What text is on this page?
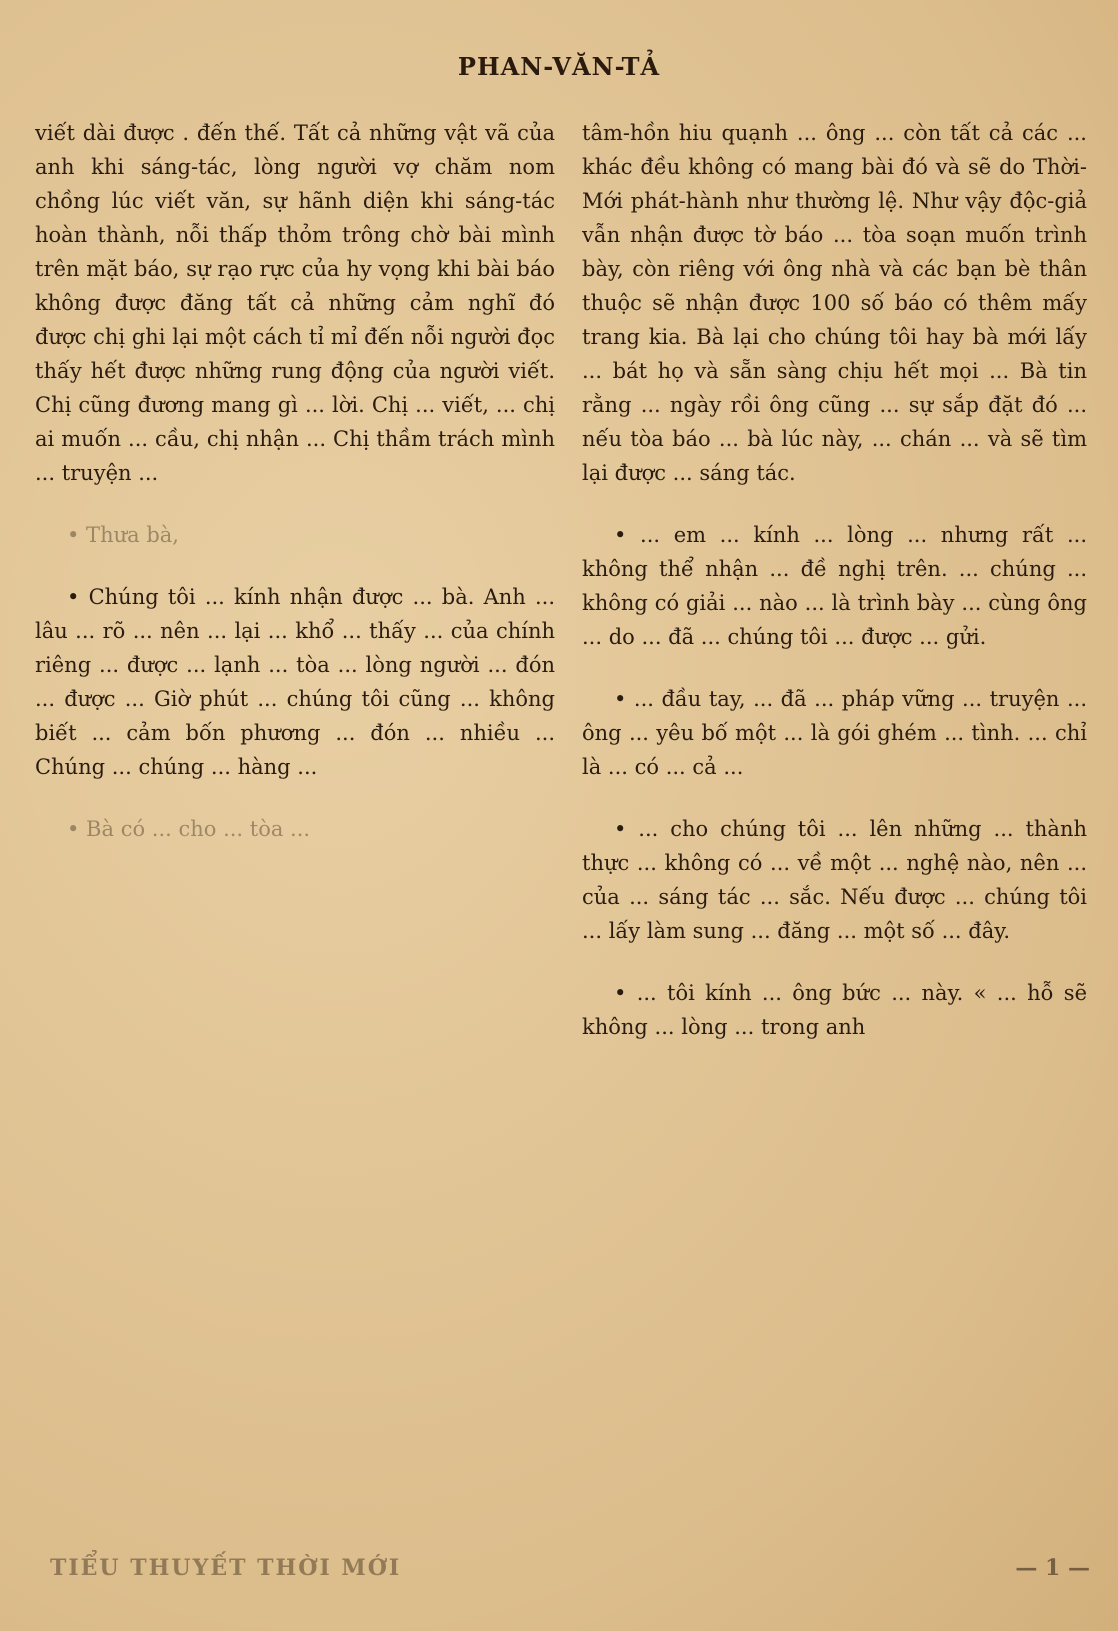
PHAN-VĂN-TẢ

viết dài được . đến thế. Tất cả những vật vã của anh khi sáng-tác, lòng người vợ chăm nom chồng lúc viết văn, sự hãnh diện khi sáng-tác hoàn thành, nỗi thấp thỏm trông chờ bài mình trên mặt báo, sự rạo rực của hy vọng khi bài báo không được đăng tất cả những cảm nghĩ đó được chị ghi lại một cách tỉ mỉ đến nỗi người đọc thấy hết được những rung động của người viết. Chị cũng đương mang gì ... lời. Chị ... viết, ... chị ai muốn ... cầu, chị nhận ... Chị thầm trách mình ... truyện ...

• Thưa bà,

• Chúng tôi ... kính nhận được ... bà. Anh ... lâu ... rõ ... nên ... lại ... khổ ... thấy ... của chính riêng ... được ... lạnh ... tòa ... lòng người ... đón ... được ... Giờ phút ... chúng tôi cũng ... không biết ... cảm bốn phương ... đón ... nhiều ... Chúng ... chúng ... hàng ...

• Bà có ... cho ... tòa ...

tâm-hồn hiu quạnh ... ông ... còn tất cả các ... khác đều không có mang bài đó và sẽ do Thời-Mới phát-hành như thường lệ. Như vậy độc-giả vẫn nhận được tờ báo ... tòa soạn muốn trình bày, còn riêng với ông nhà và các bạn bè thân thuộc sẽ nhận được 100 số báo có thêm mấy trang kia. Bà lại cho chúng tôi hay bà mới lấy ... bát họ và sẵn sàng chịu hết mọi ... Bà tin rằng ... ngày rồi ông cũng ... sự sắp đặt đó ... nếu tòa báo ... bà lúc này, ... chán ... và sẽ tìm lại được ... sáng tác.

• ... em ... kính ... lòng ... nhưng rất ... không thể nhận ... đề nghị trên. ... chúng ... không có giải ... nào ... là trình bày ... cùng ông ... do ... đã ... chúng tôi ... được ... gửi.

• ... đầu tay, ... đã ... pháp vững ... truyện ... ông ... yêu bố một ... là gói ghém ... tình. ... chỉ là ... có ... cả ...

• ... cho chúng tôi ... lên những ... thành thực ... không có ... về một ... nghệ nào, nên ... của ... sáng tác ... sắc. Nếu được ... chúng tôi ... lấy làm sung ... đăng ... một số ... đây.

• ... tôi kính ... ông bức ... này. « ... hỗ sẽ không ... lòng ... trong anh

TIỂU THUYẾT THỜI MỚI	— 1 —
